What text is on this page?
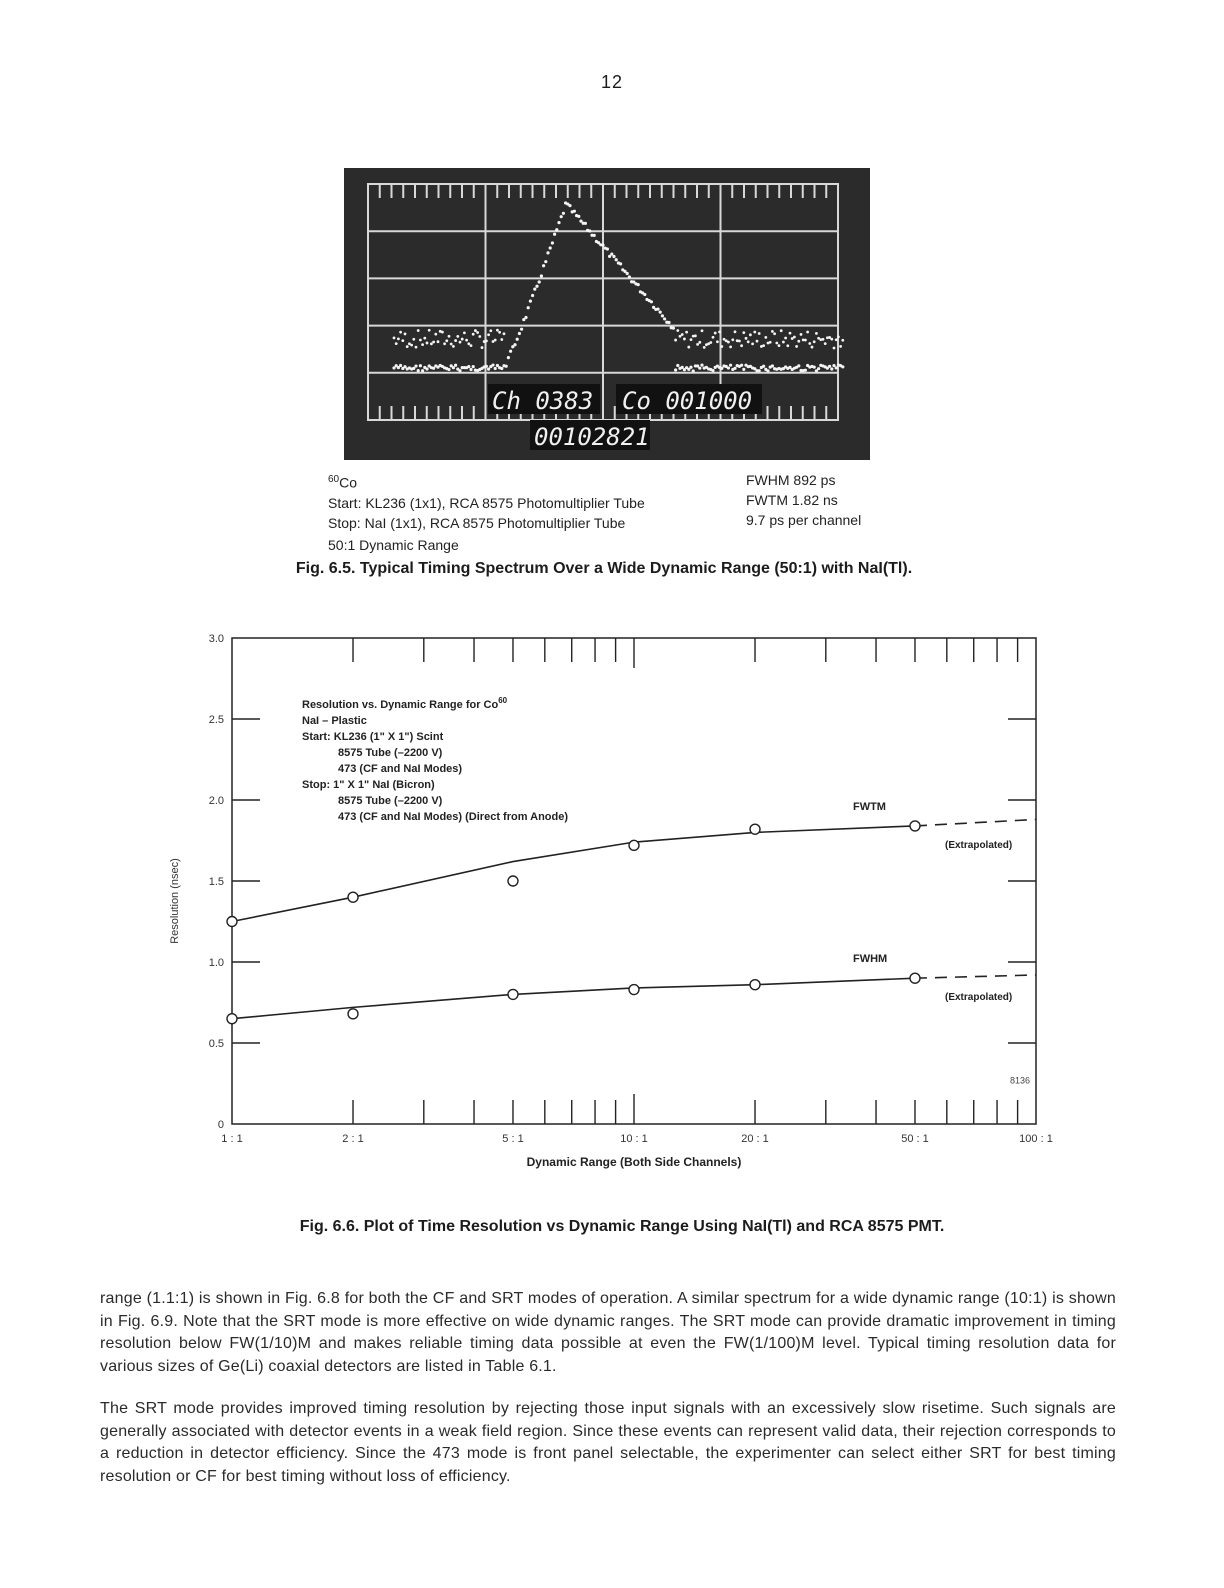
12
Ch 0383 Co 001000
00102821
$^{60}$Co
Start: KL236 (1x1), RCA 8575 Photomultiplier Tube
Stop: NaI (1x1), RCA 8575 Photomultiplier Tube
50:1 Dynamic Range
FWHM 892 ps
FWTM 1.82 ns
9.7 ps per channel
Fig. 6.5. Typical Timing Spectrum Over a Wide Dynamic Range (50:1) with NaI(Tl).
1 : 1	2 : 1	5 : 1	10 : 1	20 : 1	50 : 1	100 : 1
0
0.5
1.0
1.5
2.0
2.5
3.0
Resolution vs. Dynamic Range for Co$^{60}$
NaI – Plastic
Start: KL236 (1" X 1") Scint
8575 Tube (–2200 V)
473 (CF and NaI Modes)
Stop: 1" X 1" NaI (Bicron)
8575 Tube (–2200 V)
473 (CF and NaI Modes) (Direct from Anode)
Dynamic Range (Both Side Channels)
Resolution (nsec)
FWTM
(Extrapolated)
FWHM
(Extrapolated)
8136
Fig. 6.6. Plot of Time Resolution vs Dynamic Range Using NaI(Tl) and RCA 8575 PMT.
range (1.1:1) is shown in Fig. 6.8 for both the CF and SRT modes of operation. A similar spectrum for a wide dynamic range (10:1) is shown in Fig. 6.9. Note that the SRT mode is more effective on wide dynamic ranges. The SRT mode can provide dramatic improvement in timing resolution below FW(1/10)M and makes reliable timing data possible at even the FW(1/100)M level. Typical timing resolution data for various sizes of Ge(Li) coaxial detectors are listed in Table 6.1.
The SRT mode provides improved timing resolution by rejecting those input signals with an excessively slow risetime. Such signals are generally associated with detector events in a weak field region. Since these events can represent valid data, their rejection corresponds to a reduction in detector efficiency. Since the 473 mode is front panel selectable, the experimenter can select either SRT for best timing resolution or CF for best timing without loss of efficiency.
